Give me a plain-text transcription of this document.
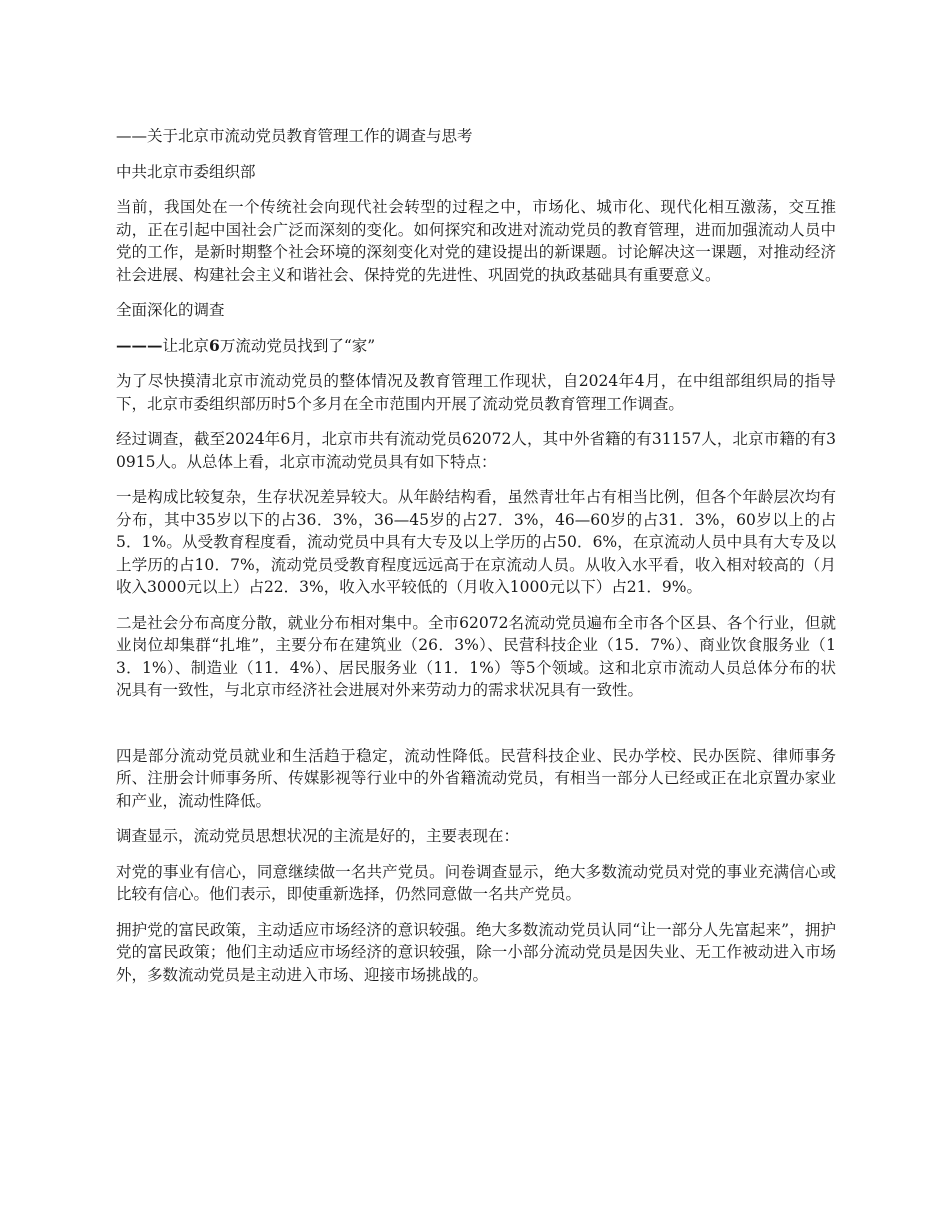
——关于北京市流动党员教育管理工作的调查与思考

中共北京市委组织部

当前，我国处在一个传统社会向现代社会转型的过程之中，市场化、城市化、现代化相互激荡，交互推动，正在引起中国社会广泛而深刻的变化。如何探究和改进对流动党员的教育管理，进而加强流动人员中党的工作，是新时期整个社会环境的深刻变化对党的建设提出的新课题。讨论解决这一课题，对推动经济社会进展、构建社会主义和谐社会、保持党的先进性、巩固党的执政基础具有重要意义。

全面深化的调查

———让北京6万流动党员找到了“家”

为了尽快摸清北京市流动党员的整体情况及教育管理工作现状，自2024年4月，在中组部组织局的指导下，北京市委组织部历时5个多月在全市范围内开展了流动党员教育管理工作调查。

经过调查，截至2024年6月，北京市共有流动党员62072人，其中外省籍的有31157人，北京市籍的有30915人。从总体上看，北京市流动党员具有如下特点：

一是构成比较复杂，生存状况差异较大。从年龄结构看，虽然青壮年占有相当比例，但各个年龄层次均有分布，其中35岁以下的占36．3%，36—45岁的占27．3%，46—60岁的占31．3%，60岁以上的占5．1%。从受教育程度看，流动党员中具有大专及以上学历的占50．6%，在京流动人员中具有大专及以上学历的占10．7%，流动党员受教育程度远远高于在京流动人员。从收入水平看，收入相对较高的（月收入3000元以上）占22．3%，收入水平较低的（月收入1000元以下）占21．9%。

二是社会分布高度分散，就业分布相对集中。全市62072名流动党员遍布全市各个区县、各个行业，但就业岗位却集群“扎堆”，主要分布在建筑业（26．3%）、民营科技企业（15．7%）、商业饮食服务业（13．1%）、制造业（11．4%）、居民服务业（11．1%）等5个领域。这和北京市流动人员总体分布的状况具有一致性，与北京市经济社会进展对外来劳动力的需求状况具有一致性。

四是部分流动党员就业和生活趋于稳定，流动性降低。民营科技企业、民办学校、民办医院、律师事务所、注册会计师事务所、传媒影视等行业中的外省籍流动党员，有相当一部分人已经或正在北京置办家业和产业，流动性降低。

调查显示，流动党员思想状况的主流是好的，主要表现在：

对党的事业有信心，同意继续做一名共产党员。问卷调查显示，绝大多数流动党员对党的事业充满信心或比较有信心。他们表示，即使重新选择，仍然同意做一名共产党员。

拥护党的富民政策，主动适应市场经济的意识较强。绝大多数流动党员认同“让一部分人先富起来”，拥护党的富民政策；他们主动适应市场经济的意识较强，除一小部分流动党员是因失业、无工作被动进入市场外，多数流动党员是主动进入市场、迎接市场挑战的。
